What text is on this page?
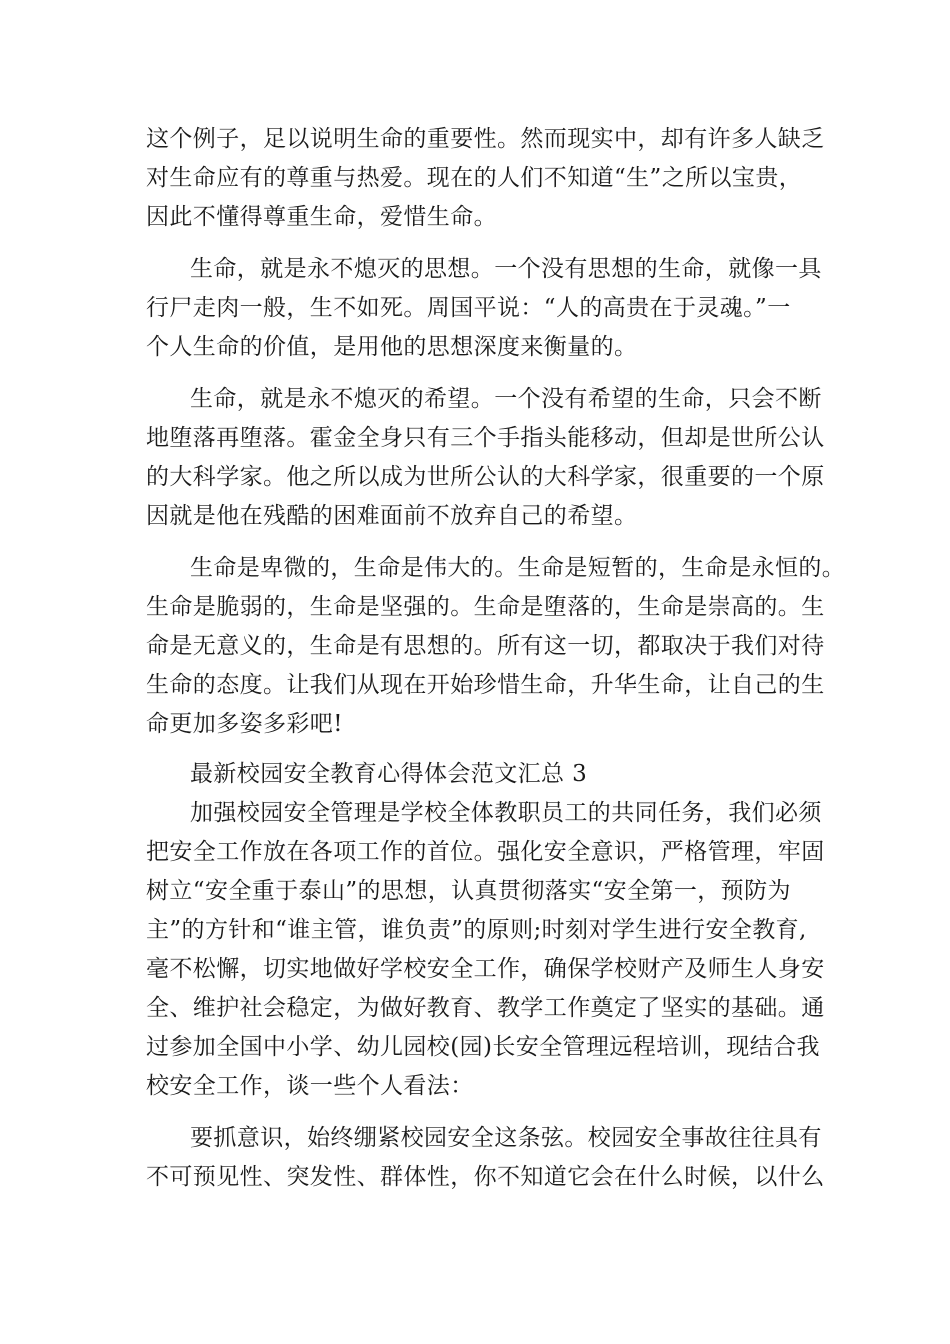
这个例子，足以说明生命的重要性。然而现实中，却有许多人缺乏
对生命应有的尊重与热爱。现在的人们不知道“生”之所以宝贵，
因此不懂得尊重生命，爱惜生命。
生命，就是永不熄灭的思想。一个没有思想的生命，就像一具
行尸走肉一般，生不如死。周国平说：“人的高贵在于灵魂。”一
个人生命的价值，是用他的思想深度来衡量的。
生命，就是永不熄灭的希望。一个没有希望的生命，只会不断
地堕落再堕落。霍金全身只有三个手指头能移动，但却是世所公认
的大科学家。他之所以成为世所公认的大科学家，很重要的一个原
因就是他在残酷的困难面前不放弃自己的希望。
生命是卑微的，生命是伟大的。生命是短暂的，生命是永恒的。
生命是脆弱的，生命是坚强的。生命是堕落的，生命是崇高的。生
命是无意义的，生命是有思想的。所有这一切，都取决于我们对待
生命的态度。让我们从现在开始珍惜生命，升华生命，让自己的生
命更加多姿多彩吧!
最新校园安全教育心得体会范文汇总 3
加强校园安全管理是学校全体教职员工的共同任务，我们必须
把安全工作放在各项工作的首位。强化安全意识，严格管理，牢固
树立“安全重于泰山”的思想，认真贯彻落实“安全第一，预防为
主”的方针和“谁主管，谁负责”的原则;时刻对学生进行安全教育,
毫不松懈，切实地做好学校安全工作，确保学校财产及师生人身安
全、维护社会稳定，为做好教育、教学工作奠定了坚实的基础。通
过参加全国中小学、幼儿园校(园)长安全管理远程培训，现结合我
校安全工作，谈一些个人看法：
要抓意识，始终绷紧校园安全这条弦。校园安全事故往往具有
不可预见性、突发性、群体性，你不知道它会在什么时候，以什么
